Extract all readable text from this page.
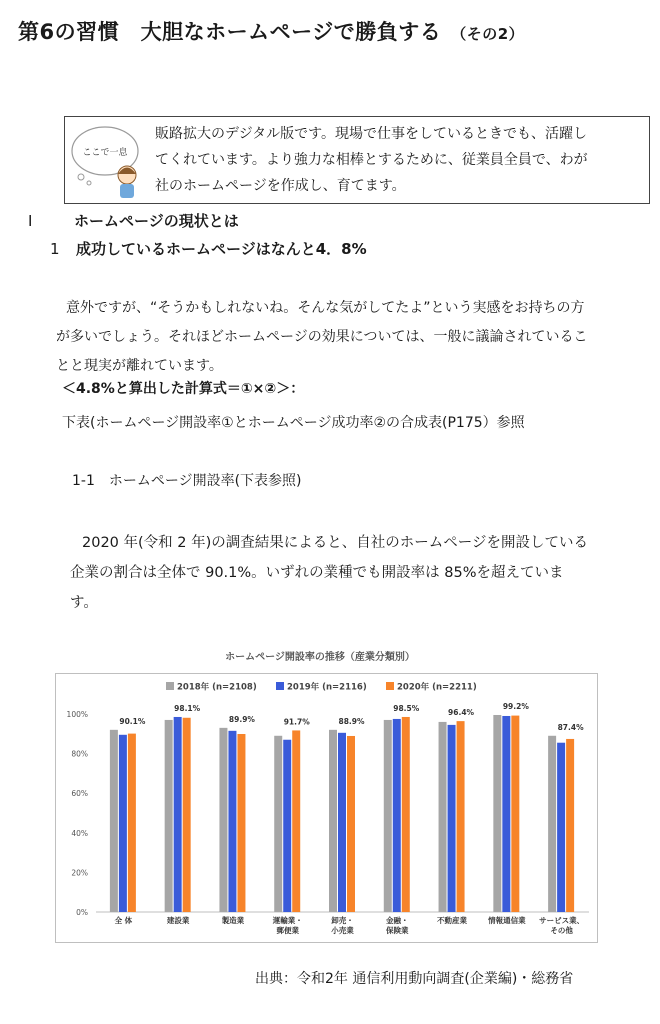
第6の習慣　大胆なホームページで勝負する （その2）
ここで一息
販路拡大のデジタル版です。現場で仕事をしているときでも、活躍し
てくれています。より強力な相棒とするために、従業員全員で、わが
社のホームページを作成し、育てます。
Ⅰ	ホームページの現状とは
1 成功しているホームページはなんと4．8%
意外ですが、“そうかもしれないね。そんな気がしてたよ”という実感をお持ちの方
が多いでしょう。それほどホームページの効果については、一般に議論されているこ
とと現実が離れています。
＜4.8%と算出した計算式＝①×②＞：
下表(ホームページ開設率①とホームページ成功率②の合成表(P175）参照
1-1　ホームページ開設率(下表参照)
2020 年(令和 2 年)の調査結果によると、自社のホームページを開設している
企業の割合は全体で 90.1%。いずれの業種でも開設率は 85%を超えていま
す。
ホームページ開設率の推移（産業分類別）
2018年 (n=2108)	2019年 (n=2116)	2020年 (n=2211)
0%
20%
40%
60%
80%
100%
90.1%
全 体
98.1%
建設業
89.9%
製造業
91.7%
運輸業・
郵便業
88.9%
卸売・
小売業
98.5%
金融・
保険業
96.4%
不動産業
99.2%
情報通信業
87.4%
サービス業、
その他
出典：令和2年 通信利用動向調査(企業編)・総務省
